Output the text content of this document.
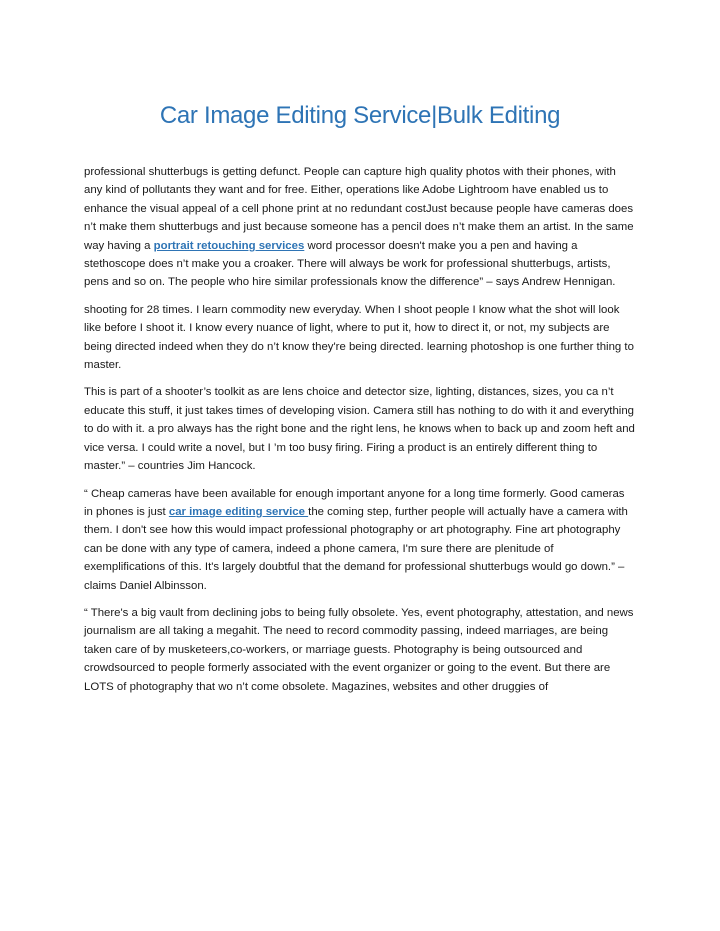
Car Image Editing Service|Bulk Editing

professional shutterbugs is getting defunct. People can capture high quality photos with their phones, with any kind of pollutants they want and for free. Either, operations like Adobe Lightroom have enabled us to enhance the visual appeal of a cell phone print at no redundant costJust because people have cameras does n’t make them shutterbugs and just because someone has a pencil does n’t make them an artist. In the same way having a portrait retouching services word processor doesn't make you a pen and having a stethoscope does n’t make you a croaker. There will always be work for professional shutterbugs, artists, pens and so on. The people who hire similar professionals know the difference” – says Andrew Hennigan.

shooting for 28 times. I learn commodity new everyday. When I shoot people I know what the shot will look like before I shoot it. I know every nuance of light, where to put it, how to direct it, or not, my subjects are being directed indeed when they do n’t know they're being directed. learning photoshop is one further thing to master.

This is part of a shooter’s toolkit as are lens choice and detector size, lighting, distances, sizes, you ca n’t educate this stuff, it just takes times of developing vision. Camera still has nothing to do with it and everything to do with it. a pro always has the right bone and the right lens, he knows when to back up and zoom heft and vice versa. I could write a novel, but I ’m too busy firing. Firing a product is an entirely different thing to master.” – countries Jim Hancock.

“ Cheap cameras have been available for enough important anyone for a long time formerly. Good cameras in phones is just car image editing service the coming step, further people will actually have a camera with them. I don't see how this would impact professional photography or art photography. Fine art photography can be done with any type of camera, indeed a phone camera, I'm sure there are plenitude of exemplifications of this. It's largely doubtful that the demand for professional shutterbugs would go down.” – claims Daniel Albinsson.

“ There's a big vault from declining jobs to being fully obsolete. Yes, event photography, attestation, and news journalism are all taking a megahit. The need to record commodity passing, indeed marriages, are being taken care of by musketeers,co-workers, or marriage guests. Photography is being outsourced and crowdsourced to people formerly associated with the event organizer or going to the event. But there are LOTS of photography that wo n’t come obsolete. Magazines, websites and other druggies of
